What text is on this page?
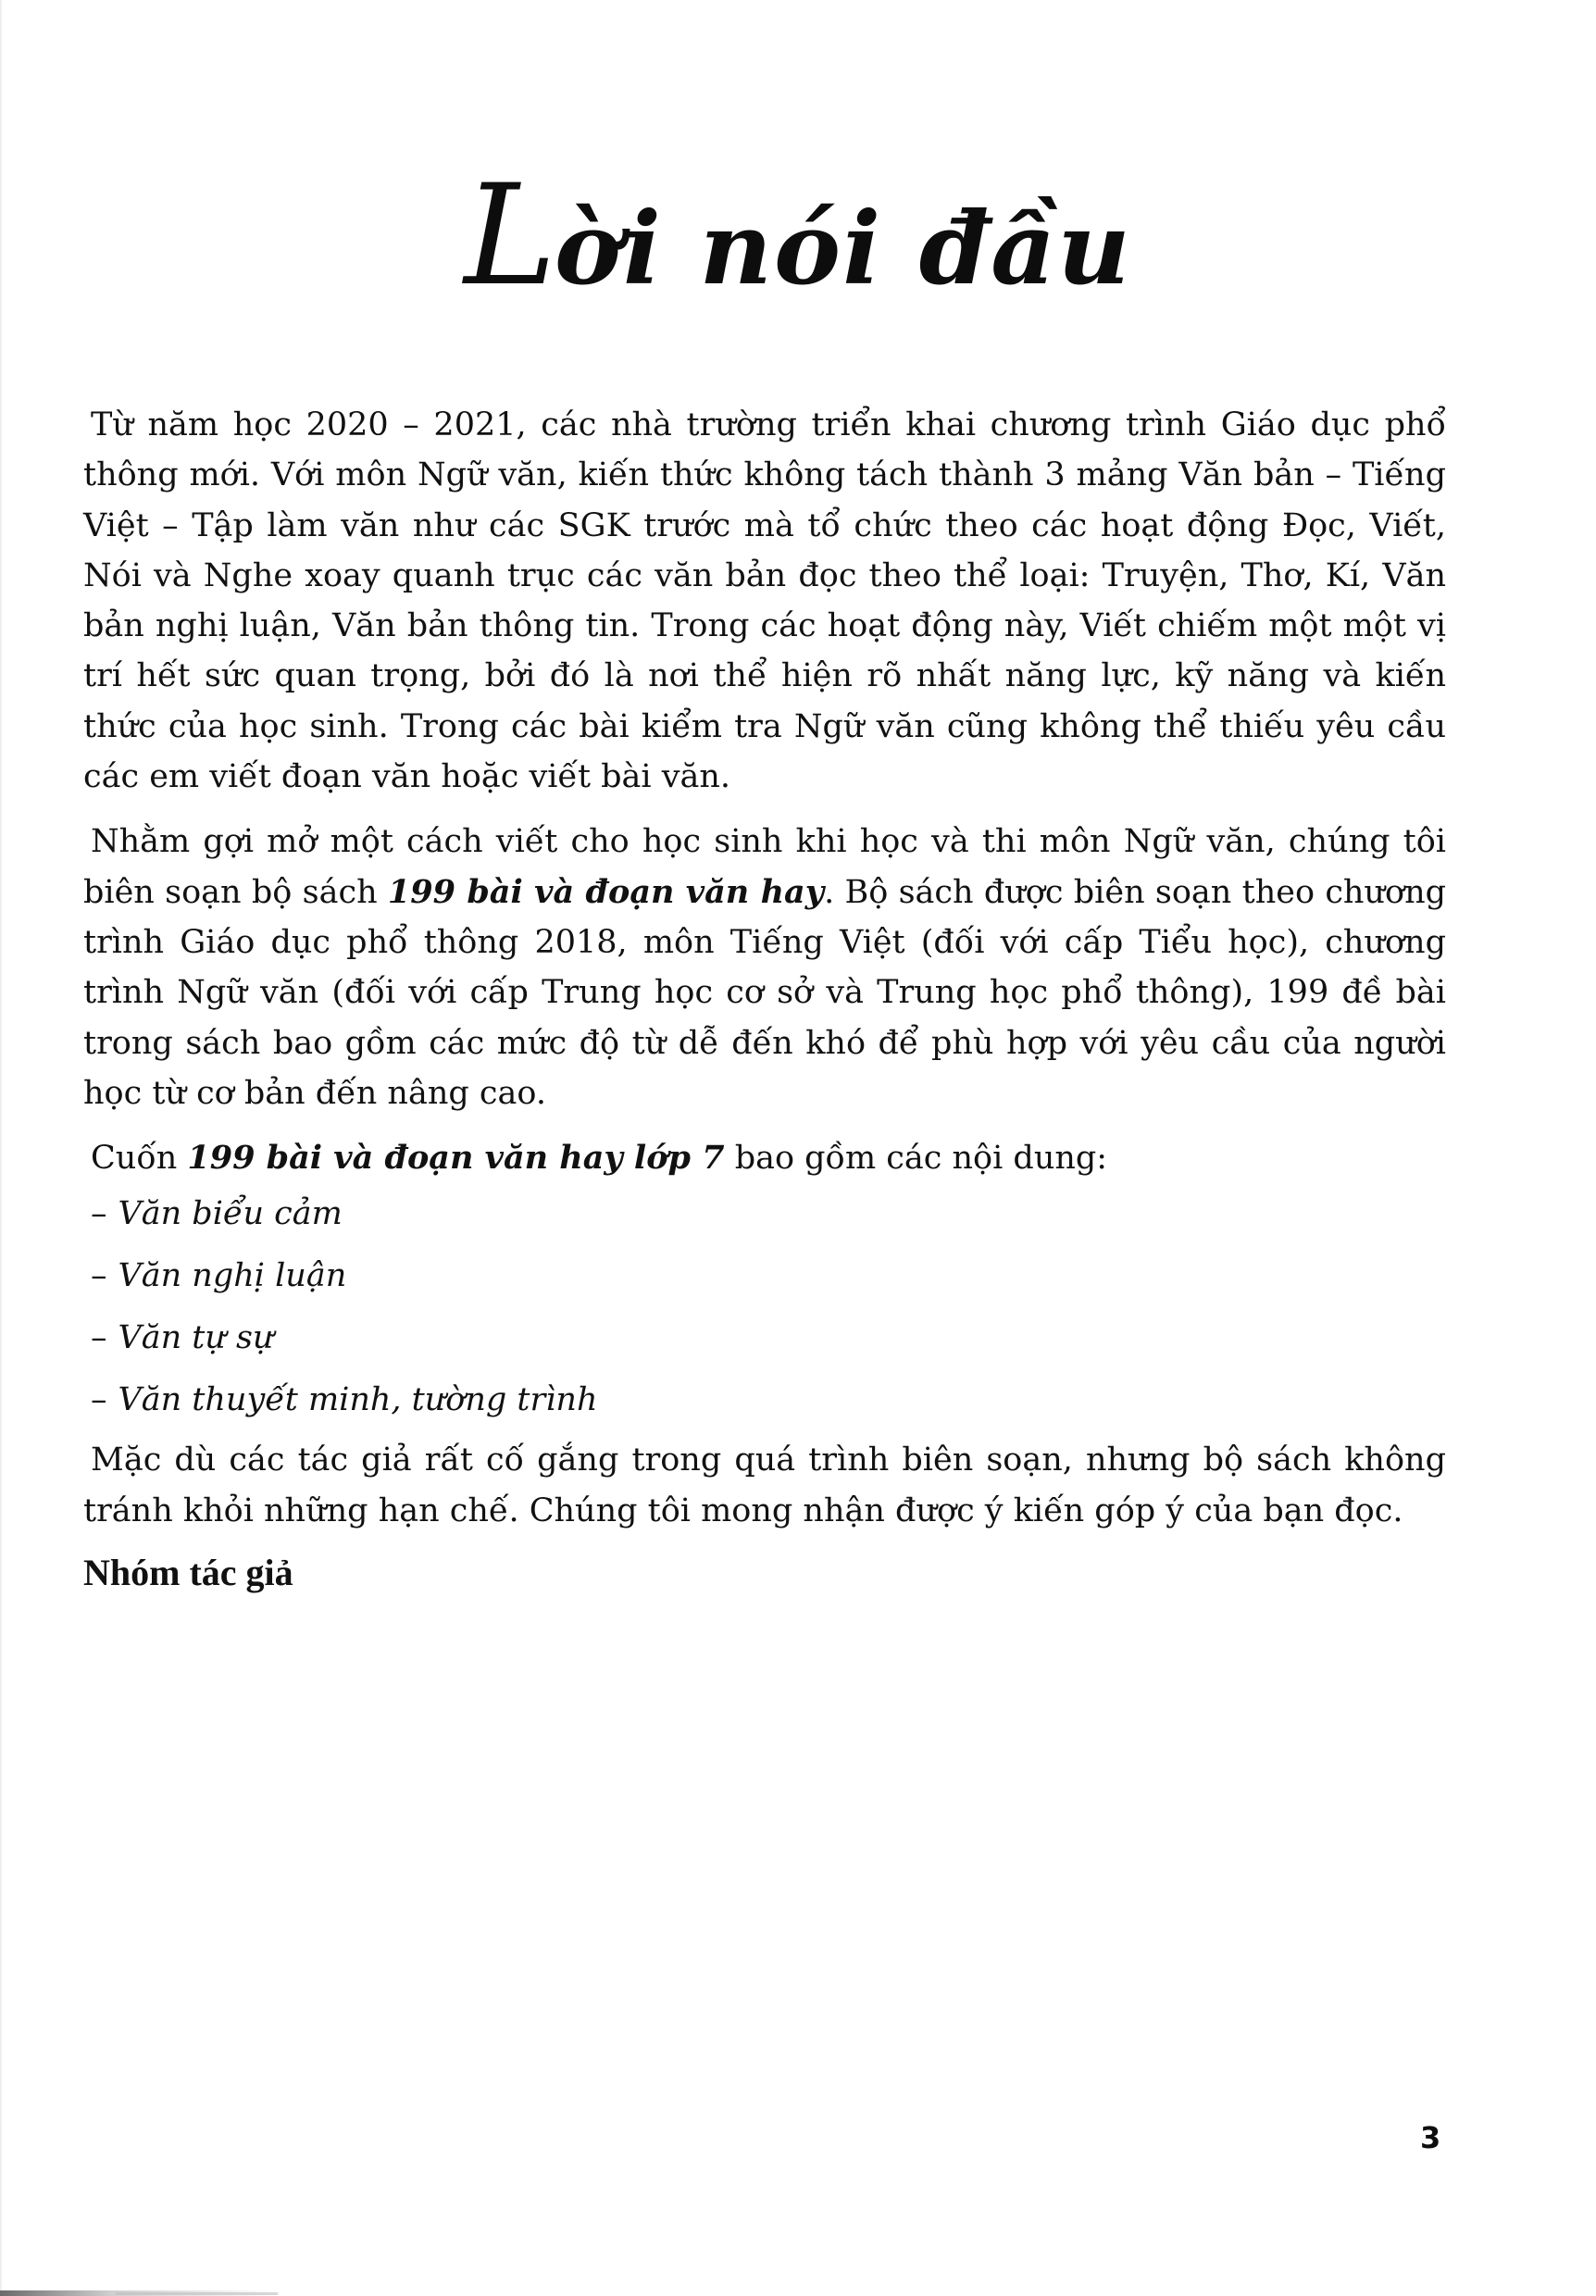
Lời nói đầu

Từ năm học 2020 – 2021, các nhà trường triển khai chương trình Giáo dục phổ thông mới. Với môn Ngữ văn, kiến thức không tách thành 3 mảng Văn bản – Tiếng Việt – Tập làm văn như các SGK trước mà tổ chức theo các hoạt động Đọc, Viết, Nói và Nghe xoay quanh trục các văn bản đọc theo thể loại: Truyện, Thơ, Kí, Văn bản nghị luận, Văn bản thông tin. Trong các hoạt động này, Viết chiếm một một vị trí hết sức quan trọng, bởi đó là nơi thể hiện rõ nhất năng lực, kỹ năng và kiến thức của học sinh. Trong các bài kiểm tra Ngữ văn cũng không thể thiếu yêu cầu các em viết đoạn văn hoặc viết bài văn.

Nhằm gợi mở một cách viết cho học sinh khi học và thi môn Ngữ văn, chúng tôi biên soạn bộ sách 199 bài và đoạn văn hay. Bộ sách được biên soạn theo chương trình Giáo dục phổ thông 2018, môn Tiếng Việt (đối với cấp Tiểu học), chương trình Ngữ văn (đối với cấp Trung học cơ sở và Trung học phổ thông), 199 đề bài trong sách bao gồm các mức độ từ dễ đến khó để phù hợp với yêu cầu của người học từ cơ bản đến nâng cao.

Cuốn 199 bài và đoạn văn hay lớp 7 bao gồm các nội dung:

– Văn biểu cảm
– Văn nghị luận
– Văn tự sự
– Văn thuyết minh, tường trình

Mặc dù các tác giả rất cố gắng trong quá trình biên soạn, nhưng bộ sách không tránh khỏi những hạn chế. Chúng tôi mong nhận được ý kiến góp ý của bạn đọc.

Nhóm tác giả
3
